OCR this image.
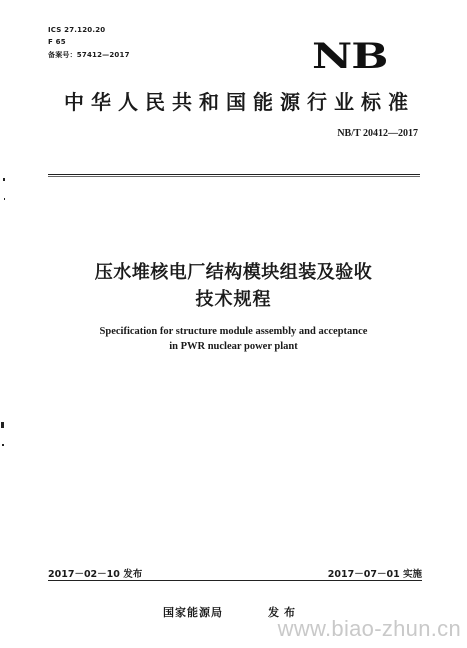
ICS 27.120.20
F 65
备案号：57412—2017	NB
中华人民共和国能源行业标准
NB/T 20412—2017
压水堆核电厂结构模块组装及验收
技术规程
Specification for structure module assembly and acceptance
in PWR nuclear power plant
2017－02－10 发布	2017－07－01 实施
国家能源局	发布
www.biao-zhun.cn
